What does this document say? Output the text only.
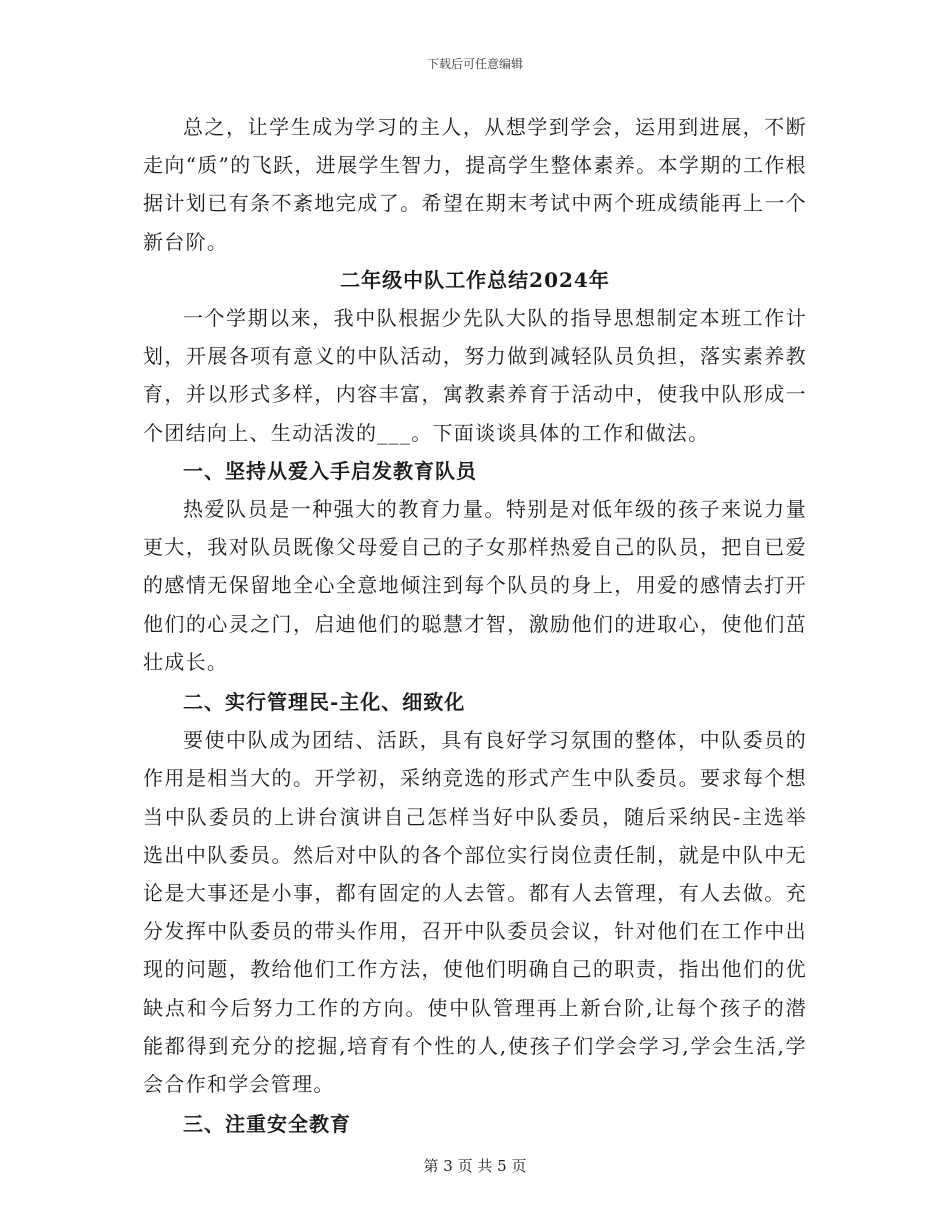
下载后可任意编辑

总之，让学生成为学习的主人，从想学到学会，运用到进展，不断走向“质”的飞跃，进展学生智力，提高学生整体素养。本学期的工作根据计划已有条不紊地完成了。希望在期末考试中两个班成绩能再上一个新台阶。

二年级中队工作总结2024年

一个学期以来，我中队根据少先队大队的指导思想制定本班工作计划，开展各项有意义的中队活动，努力做到减轻队员负担，落实素养教育，并以形式多样，内容丰富，寓教素养育于活动中，使我中队形成一个团结向上、生动活泼的___。下面谈谈具体的工作和做法。

一、坚持从爱入手启发教育队员

热爱队员是一种强大的教育力量。特别是对低年级的孩子来说力量更大，我对队员既像父母爱自己的子女那样热爱自己的队员，把自已爱的感情无保留地全心全意地倾注到每个队员的身上，用爱的感情去打开他们的心灵之门，启迪他们的聪慧才智，激励他们的进取心，使他们茁壮成长。

二、实行管理民-主化、细致化

要使中队成为团结、活跃，具有良好学习氛围的整体，中队委员的作用是相当大的。开学初，采纳竞选的形式产生中队委员。要求每个想当中队委员的上讲台演讲自己怎样当好中队委员，随后采纳民-主选举选出中队委员。然后对中队的各个部位实行岗位责任制，就是中队中无论是大事还是小事，都有固定的人去管。都有人去管理，有人去做。充分发挥中队委员的带头作用，召开中队委员会议，针对他们在工作中出现的问题，教给他们工作方法，使他们明确自己的职责，指出他们的优缺点和今后努力工作的方向。使中队管理再上新台阶,让每个孩子的潜能都得到充分的挖掘,培育有个性的人,使孩子们学会学习,学会生活,学会合作和学会管理。

三、注重安全教育

第 3 页 共 5 页
